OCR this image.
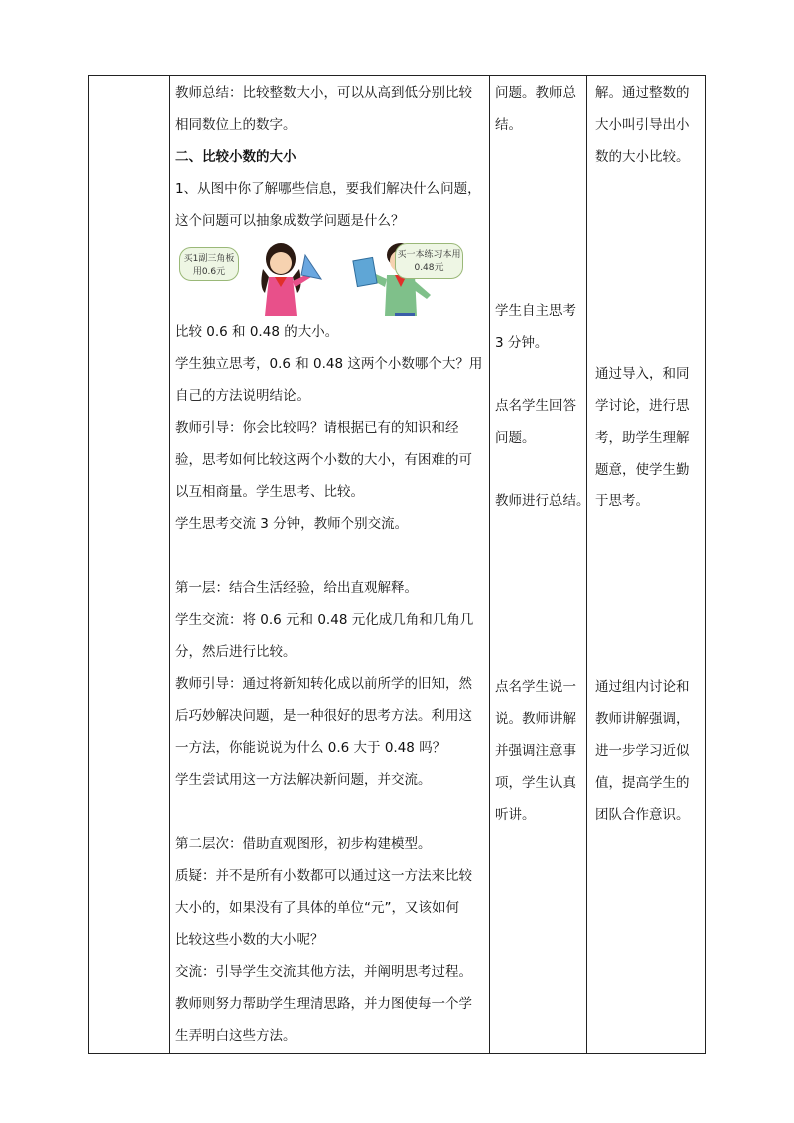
教师总结：比较整数大小，可以从高到低分别比较
相同数位上的数字。
二、比较小数的大小
1、从图中你了解哪些信息，要我们解决什么问题，
这个问题可以抽象成数学问题是什么？
买1副三角板
用0.6元
买一本练习本用
0.48元
比较 0.6 和 0.48 的大小。
学生独立思考，0.6 和 0.48 这两个小数哪个大？用
自己的方法说明结论。
教师引导：你会比较吗？请根据已有的知识和经
验，思考如何比较这两个小数的大小，有困难的可
以互相商量。学生思考、比较。
学生思考交流 3 分钟，教师个别交流。
第一层：结合生活经验，给出直观解释。
学生交流：将 0.6 元和 0.48 元化成几角和几角几
分，然后进行比较。
教师引导：通过将新知转化成以前所学的旧知，然
后巧妙解决问题，是一种很好的思考方法。利用这
一方法，你能说说为什么 0.6 大于 0.48 吗？
学生尝试用这一方法解决新问题，并交流。
第二层次：借助直观图形，初步构建模型。
质疑：并不是所有小数都可以通过这一方法来比较
大小的，如果没有了具体的单位“元”，又该如何
比较这些小数的大小呢？
交流：引导学生交流其他方法，并阐明思考过程。
教师则努力帮助学生理清思路，并力图使每一个学
生弄明白这些方法。
问题。教师总
结。
学生自主思考
3 分钟。
点名学生回答
问题。
教师进行总结。
点名学生说一
说。教师讲解
并强调注意事
项，学生认真
听讲。
解。通过整数的
大小叫引导出小
数的大小比较。
通过导入，和同
学讨论，进行思
考，助学生理解
题意，使学生勤
于思考。
通过组内讨论和
教师讲解强调，
进一步学习近似
值，提高学生的
团队合作意识。
